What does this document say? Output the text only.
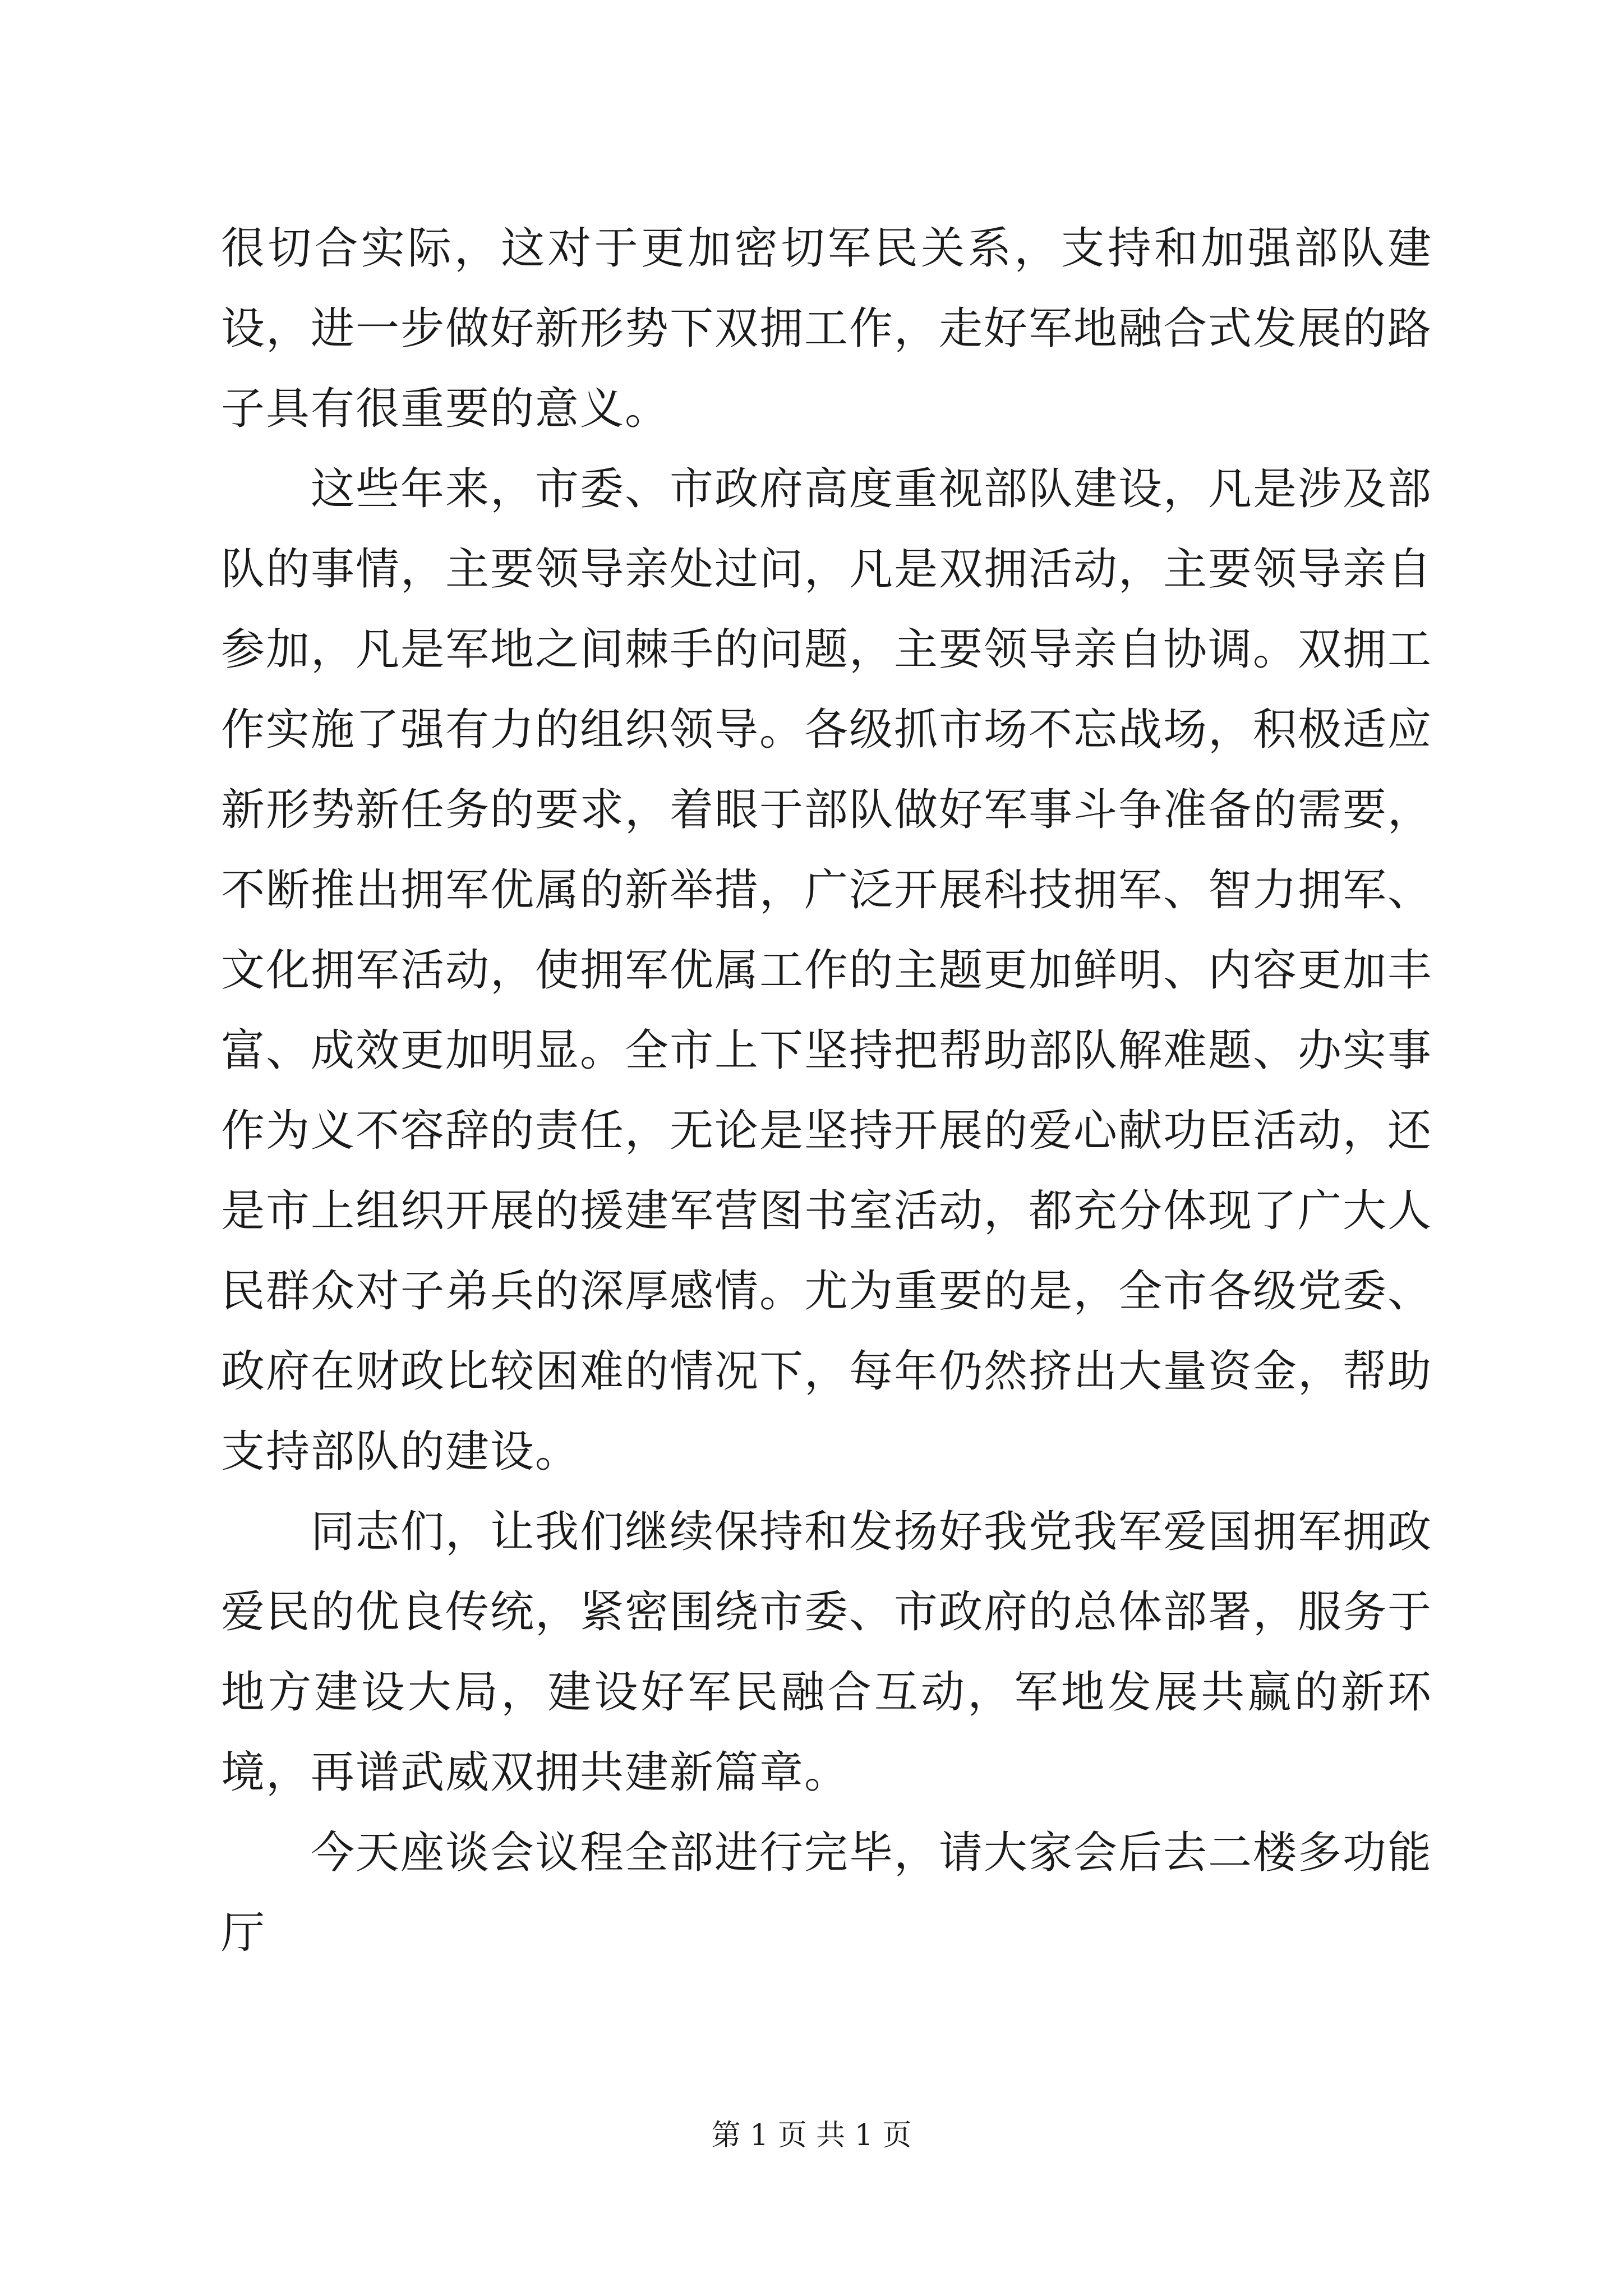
很切合实际，这对于更加密切军民关系，支持和加强部队建设，进一步做好新形势下双拥工作，走好军地融合式发展的路子具有很重要的意义。

这些年来，市委、市政府高度重视部队建设，凡是涉及部队的事情，主要领导亲处过问，凡是双拥活动，主要领导亲自参加，凡是军地之间棘手的问题，主要领导亲自协调。双拥工作实施了强有力的组织领导。各级抓市场不忘战场，积极适应新形势新任务的要求，着眼于部队做好军事斗争准备的需要，不断推出拥军优属的新举措，广泛开展科技拥军、智力拥军、文化拥军活动，使拥军优属工作的主题更加鲜明、内容更加丰富、成效更加明显。全市上下坚持把帮助部队解难题、办实事作为义不容辞的责任，无论是坚持开展的爱心献功臣活动，还是市上组织开展的援建军营图书室活动，都充分体现了广大人民群众对子弟兵的深厚感情。尤为重要的是，全市各级党委、政府在财政比较困难的情况下，每年仍然挤出大量资金，帮助支持部队的建设。

同志们，让我们继续保持和发扬好我党我军爱国拥军拥政爱民的优良传统，紧密围绕市委、市政府的总体部署，服务于地方建设大局，建设好军民融合互动，军地发展共赢的新环境，再谱武威双拥共建新篇章。

今天座谈会议程全部进行完毕，请大家会后去二楼多功能厅

第 1 页 共 1 页
